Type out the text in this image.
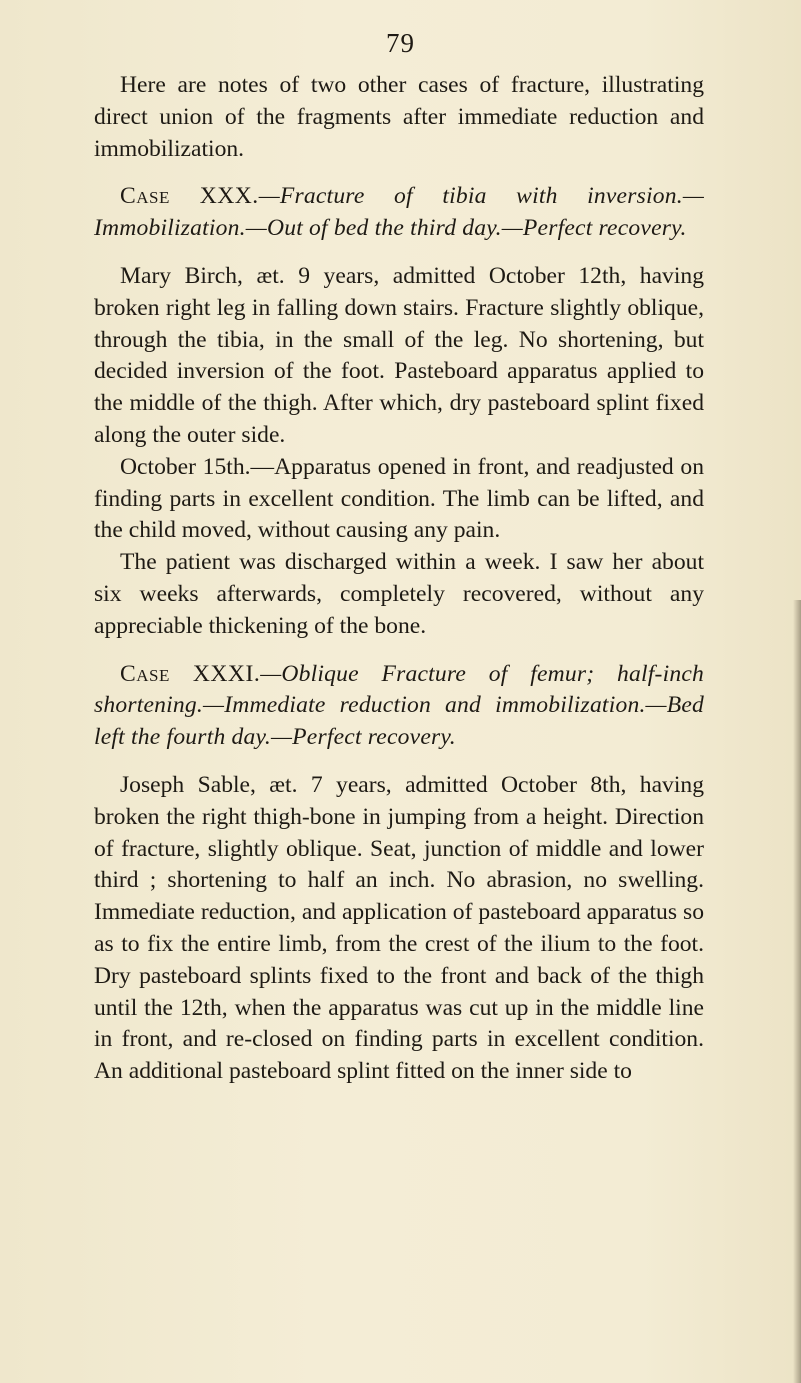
79

Here are notes of two other cases of fracture, illustrating direct union of the fragments after immediate reduction and immobilization.

Case XXX.—Fracture of tibia with inversion.—Immobilization.—Out of bed the third day.—Perfect recovery.

Mary Birch, æt. 9 years, admitted October 12th, having broken right leg in falling down stairs. Fracture slightly oblique, through the tibia, in the small of the leg. No shortening, but decided inversion of the foot. Pasteboard apparatus applied to the middle of the thigh. After which, dry pasteboard splint fixed along the outer side.

October 15th.—Apparatus opened in front, and readjusted on finding parts in excellent condition. The limb can be lifted, and the child moved, without causing any pain.

The patient was discharged within a week. I saw her about six weeks afterwards, completely recovered, without any appreciable thickening of the bone.

Case XXXI.—Oblique Fracture of femur; half-inch shortening.—Immediate reduction and immobilization.—Bed left the fourth day.—Perfect recovery.

Joseph Sable, æt. 7 years, admitted October 8th, having broken the right thigh-bone in jumping from a height. Direction of fracture, slightly oblique. Seat, junction of middle and lower third ; shortening to half an inch. No abrasion, no swelling. Immediate reduction, and application of pasteboard apparatus so as to fix the entire limb, from the crest of the ilium to the foot. Dry pasteboard splints fixed to the front and back of the thigh until the 12th, when the apparatus was cut up in the middle line in front, and re-closed on finding parts in excellent condition. An additional pasteboard splint fitted on the inner side to
